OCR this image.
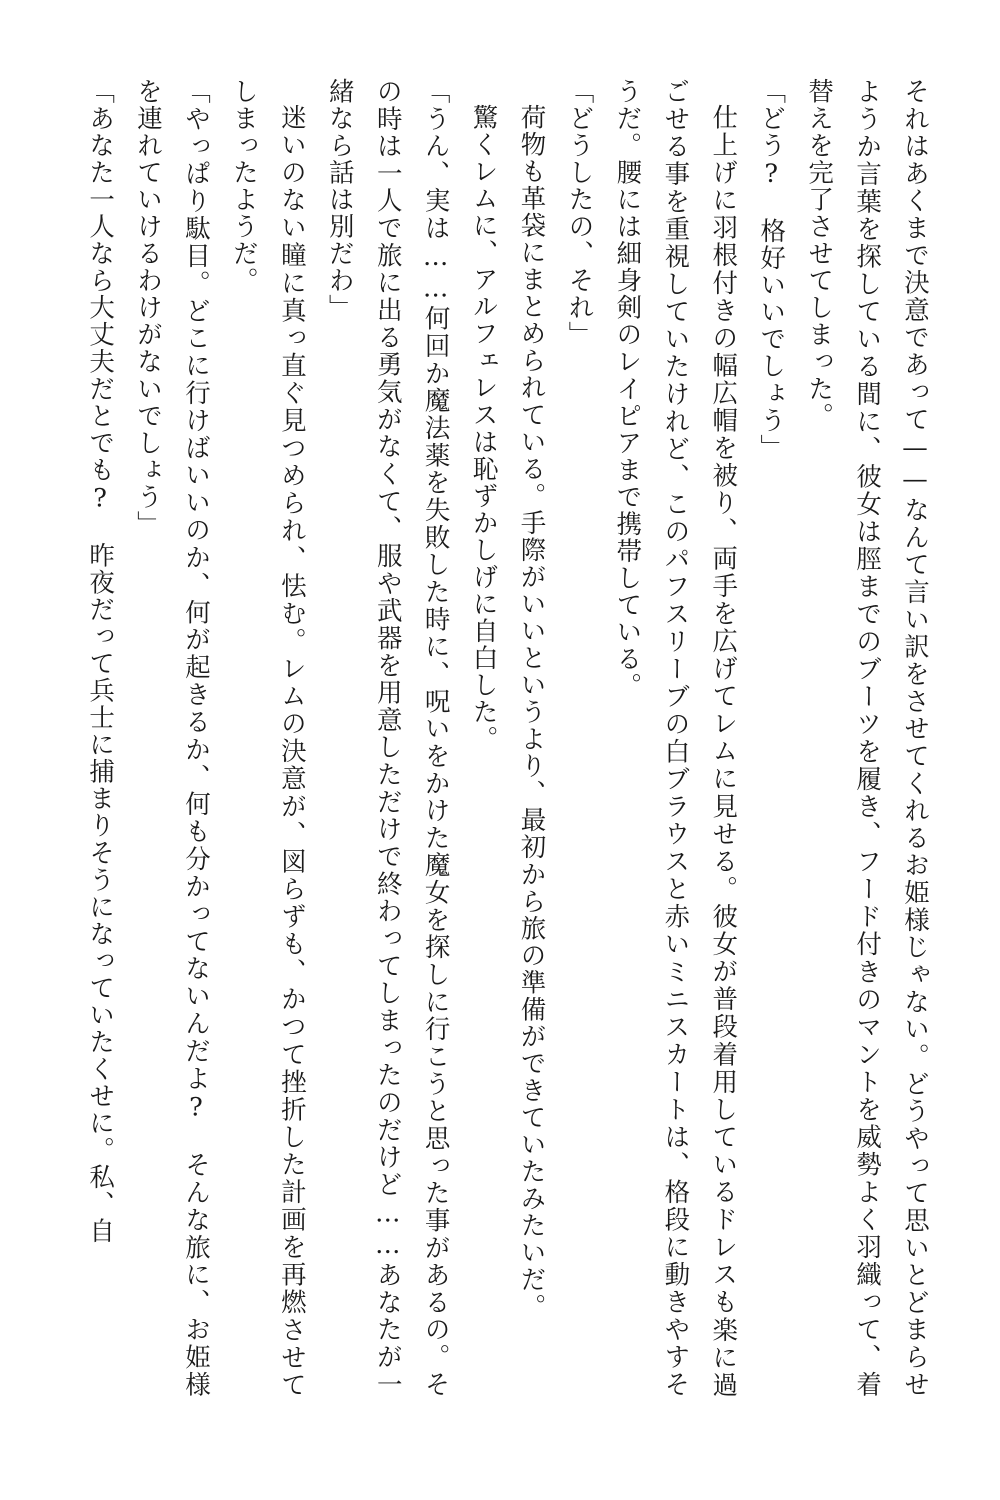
それはあくまで決意であって——なんて言い訳をさせてくれるお姫様じゃない。どうやって思いとどまらせようか言葉を探している間に、彼女は脛までのブーツを履き、フード付きのマントを威勢よく羽織って、着替えを完了させてしまった。

「どう?　格好いいでしょう」

仕上げに羽根付きの幅広帽を被り、両手を広げてレムに見せる。彼女が普段着用しているドレスも楽に過ごせる事を重視していたけれど、このパフスリーブの白ブラウスと赤いミニスカートは、格段に動きやすそうだ。腰には細身剣のレイピアまで携帯している。

「どうしたの、それ」

荷物も革袋にまとめられている。手際がいいというより、最初から旅の準備ができていたみたいだ。

驚くレムに、アルフェレスは恥ずかしげに自白した。

「うん、実は……何回か魔法薬を失敗した時に、呪いをかけた魔女を探しに行こうと思った事があるの。その時は一人で旅に出る勇気がなくて、服や武器を用意しただけで終わってしまったのだけど……あなたが一緒なら話は別だわ」

迷いのない瞳に真っ直ぐ見つめられ、怯む。レムの決意が、図らずも、かつて挫折した計画を再燃させてしまったようだ。

「やっぱり駄目。どこに行けばいいのか、何が起きるか、何も分かってないんだよ?　そんな旅に、お姫様を連れていけるわけがないでしょう」

「あなた一人なら大丈夫だとでも?　昨夜だって兵士に捕まりそうになっていたくせに。私、自
